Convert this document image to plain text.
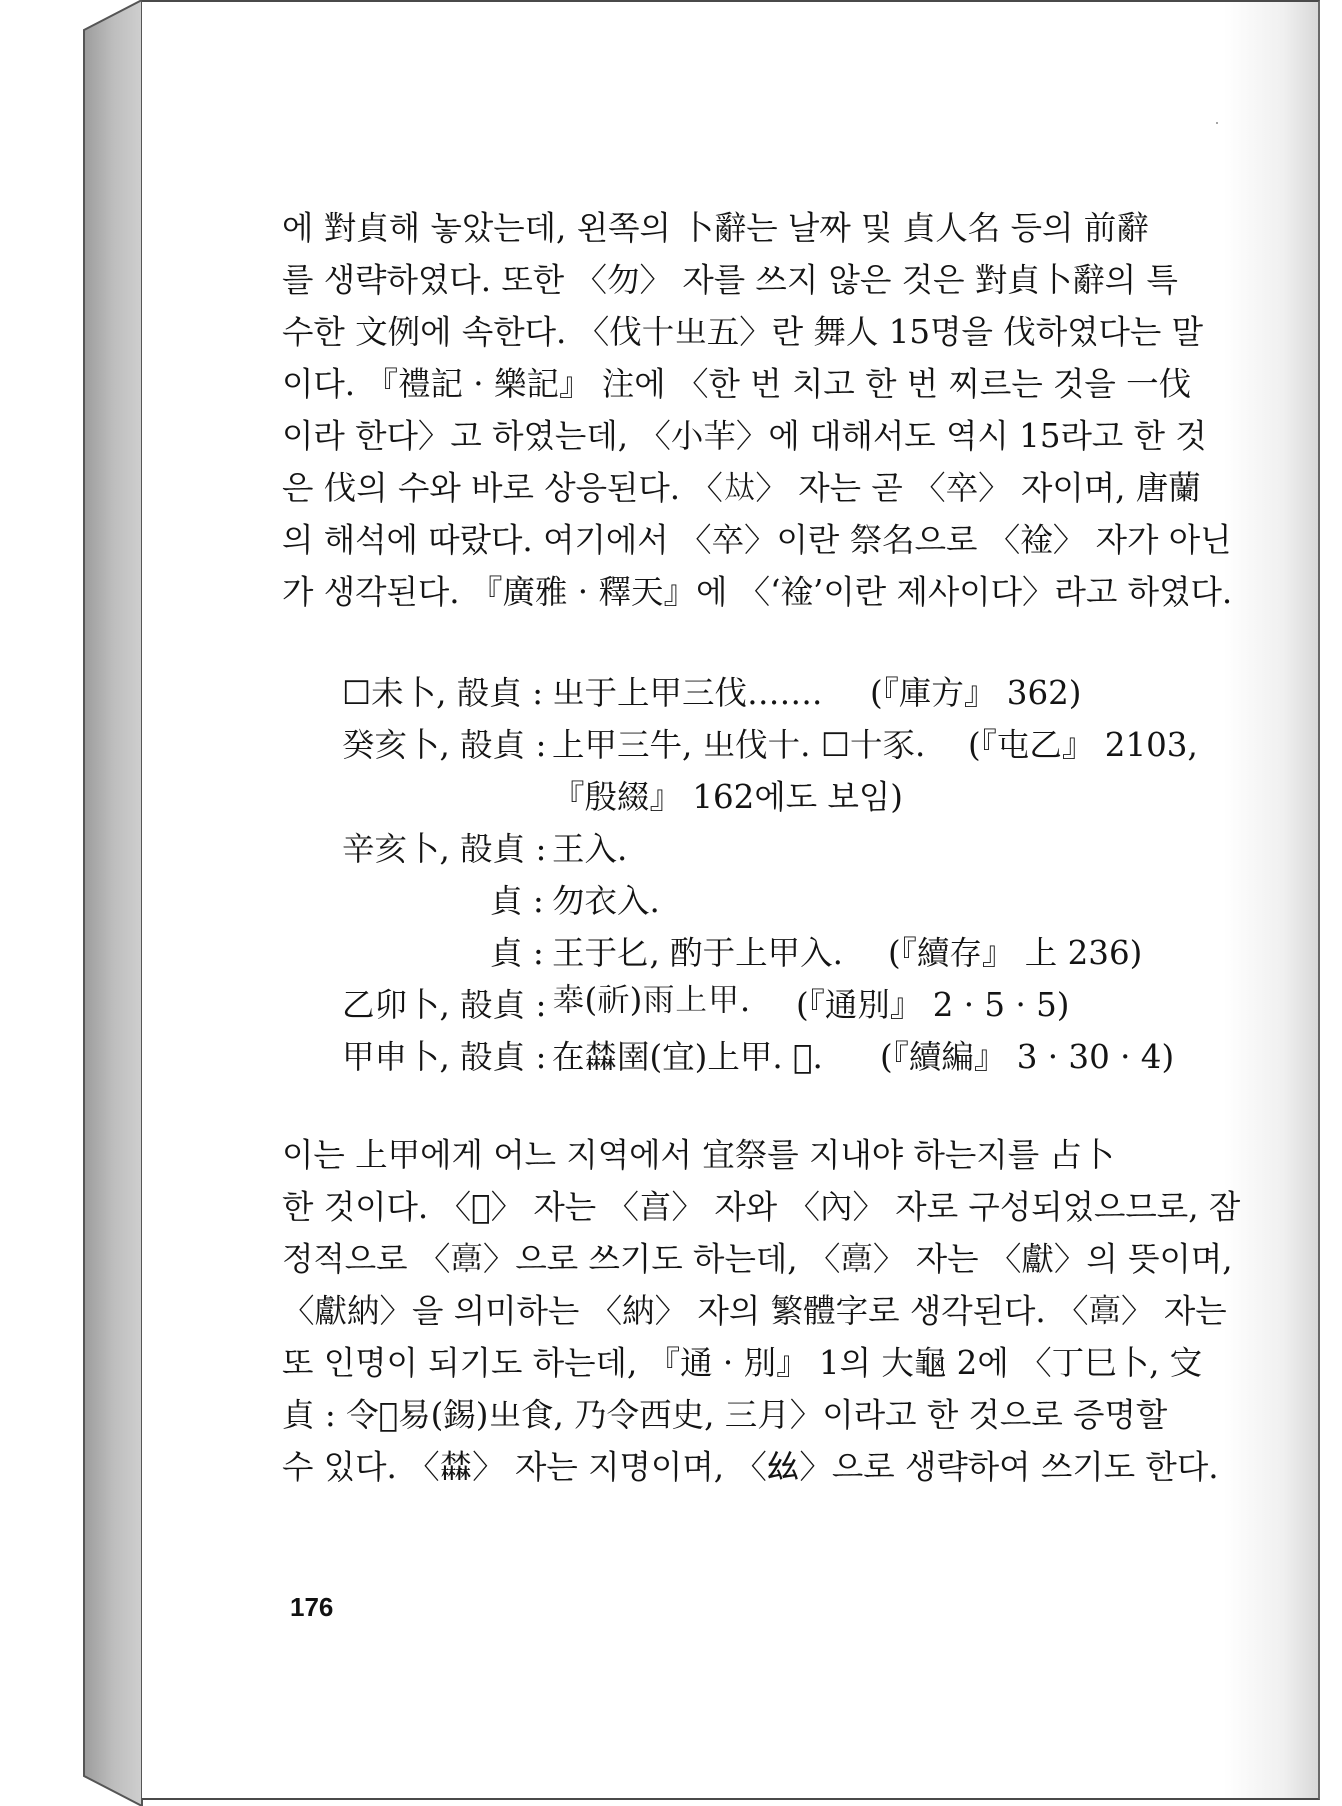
에 對貞해 놓았는데, 왼쪽의 卜辭는 날짜 및 貞人名 등의 前辭
를 생략하였다. 또한 〈勿〉 자를 쓰지 않은 것은 對貞卜辭의 특
수한 文例에 속한다. 〈伐十㞢五〉란 舞人 15명을 伐하였다는 말
이다. 『禮記 · 樂記』 注에 〈한 번 치고 한 번 찌르는 것을 一伐
이라 한다〉고 하였는데, 〈小𦍋〉에 대해서도 역시 15라고 한 것
은 伐의 수와 바로 상응된다. 〈𡘋〉 자는 곧 〈卒〉 자이며, 唐蘭
의 해석에 따랐다. 여기에서 〈卒〉이란 祭名으로 〈䘳〉 자가 아닌
가 생각된다. 『廣雅 · 釋天』에 〈‘䘳’이란 제사이다〉라고 하였다.
☐未卜, 㱿貞 : 㞢于上甲三伐……. (『庫方』 362)
癸亥卜, 㱿貞 : 上甲三牛, 㞢伐十. ☐十豕. (『屯乙』 2103,
『殷綴』 162에도 보임)
辛亥卜, 㱿貞 : 王入.
貞 : 勿衣入.
貞 : 王于𠤎, 酌于上甲入. (『續存』 上 236)
乙卯卜, 㱿貞 : 𠦪(祈)雨上甲. (『通別』 2 · 5 · 5)
甲申卜, 㱿貞 : 在𣡕圉(宜)上甲. 𠥬. (『續編』 3 · 30 · 4)
이는 上甲에게 어느 지역에서 宜祭를 지내야 하는지를 占卜
한 것이다. 〈𠥬〉 자는 〈亯〉 자와 〈內〉 자로 구성되었으므로, 잠
정적으로 〈𩫖〉으로 쓰기도 하는데, 〈𩫖〉 자는 〈獻〉의 뜻이며,
〈獻納〉을 의미하는 〈納〉 자의 繁體字로 생각된다. 〈𩫖〉 자는
또 인명이 되기도 하는데, 『通 · 別』 1의 大龜 2에 〈丁巳卜, 㝊
貞 : 令𠥬易(錫)㞢食, 乃令西史, 三月〉이라고 한 것으로 증명할
수 있다. 〈𣡕〉 자는 지명이며, 〈𢆶〉으로 생략하여 쓰기도 한다.
176
